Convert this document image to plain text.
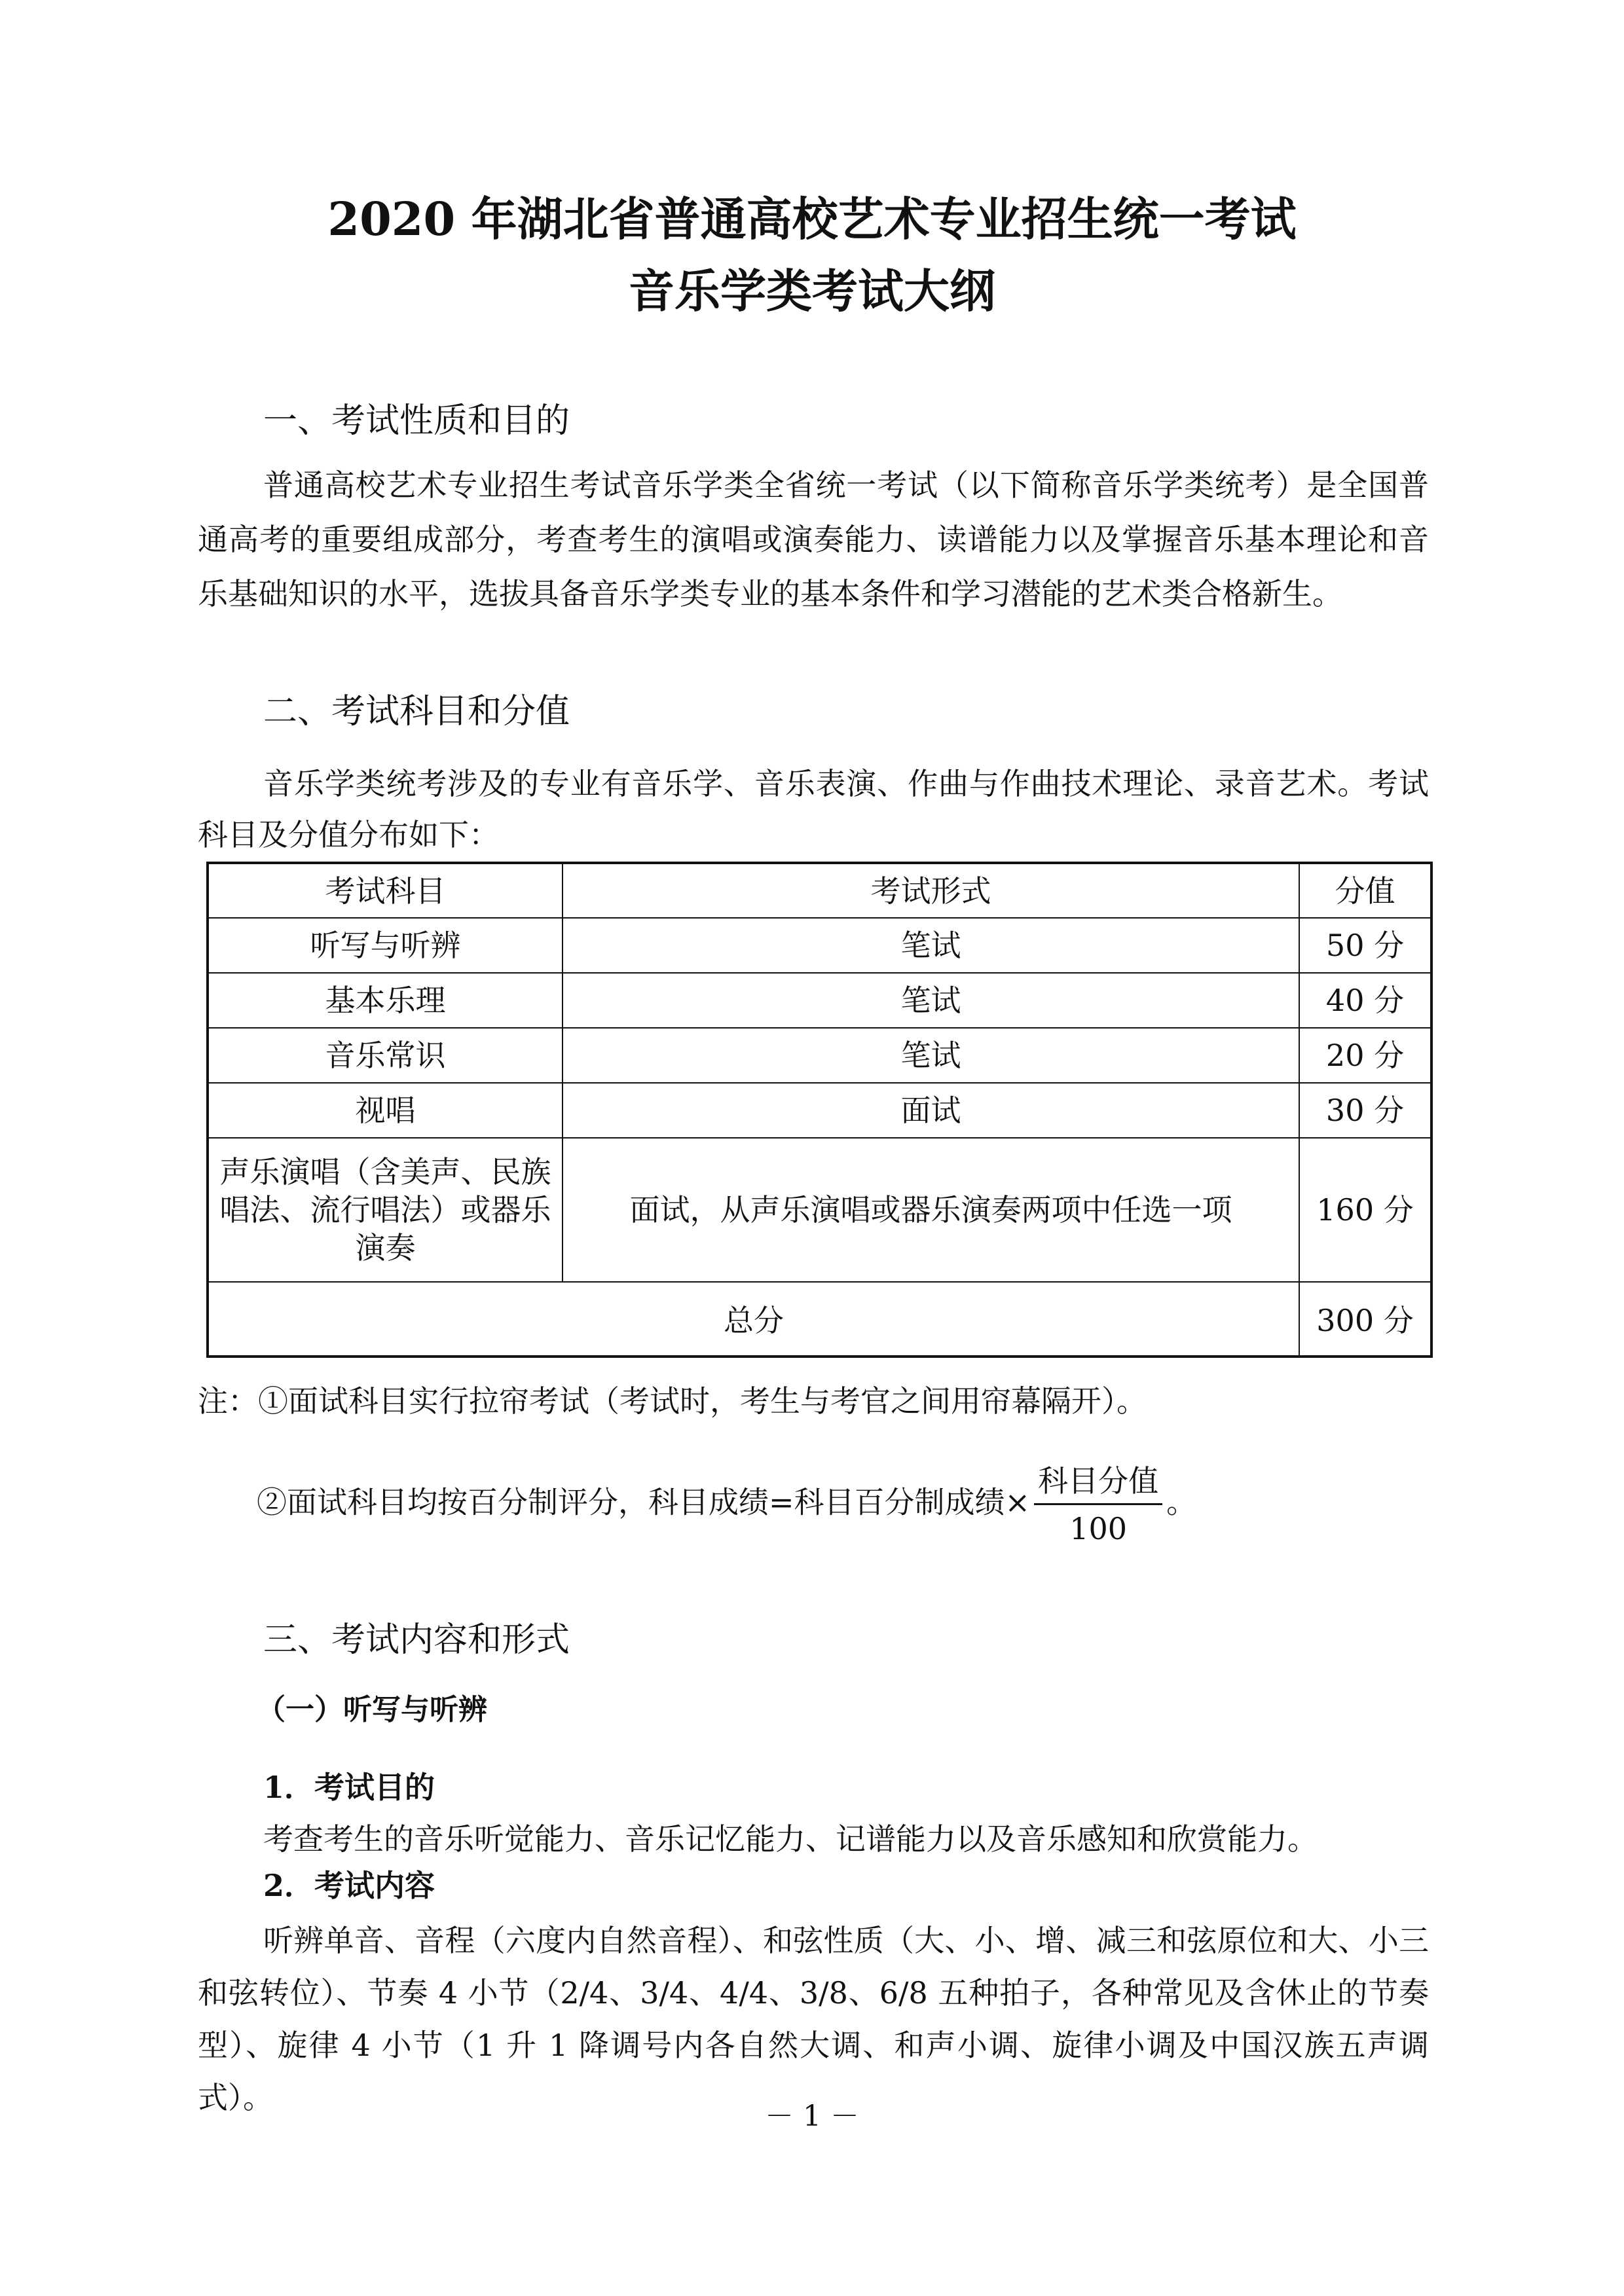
2020 年湖北省普通高校艺术专业招生统一考试
音乐学类考试大纲
一、考试性质和目的
普通高校艺术专业招生考试音乐学类全省统一考试（以下简称音乐学类统考）是全国普通高考的重要组成部分，考查考生的演唱或演奏能力、读谱能力以及掌握音乐基本理论和音乐基础知识的水平，选拔具备音乐学类专业的基本条件和学习潜能的艺术类合格新生。
二、考试科目和分值
音乐学类统考涉及的专业有音乐学、音乐表演、作曲与作曲技术理论、录音艺术。考试科目及分值分布如下：
考试科目	考试形式	分值
听写与听辨	笔试	50 分
基本乐理	笔试	40 分
音乐常识	笔试	20 分
视唱	面试	30 分
声乐演唱（含美声、民族唱法、流行唱法）或器乐演奏	面试，从声乐演唱或器乐演奏两项中任选一项	160 分
总分		300 分
注：①面试科目实行拉帘考试（考试时，考生与考官之间用帘幕隔开）。
②面试科目均按百分制评分，科目成绩=科目百分制成绩× $\frac{\text{科目分值}}{100}$ 。
三、考试内容和形式
（一）听写与听辨
1．考试目的
考查考生的音乐听觉能力、音乐记忆能力、记谱能力以及音乐感知和欣赏能力。
2．考试内容
听辨单音、音程（六度内自然音程）、和弦性质（大、小、增、减三和弦原位和大、小三和弦转位）、节奏 4 小节（2/4、3/4、4/4、3/8、6/8 五种拍子，各种常见及含休止的节奏型）、旋律 4 小节（1 升 1 降调号内各自然大调、和声小调、旋律小调及中国汉族五声调式）。
－ 1 －
